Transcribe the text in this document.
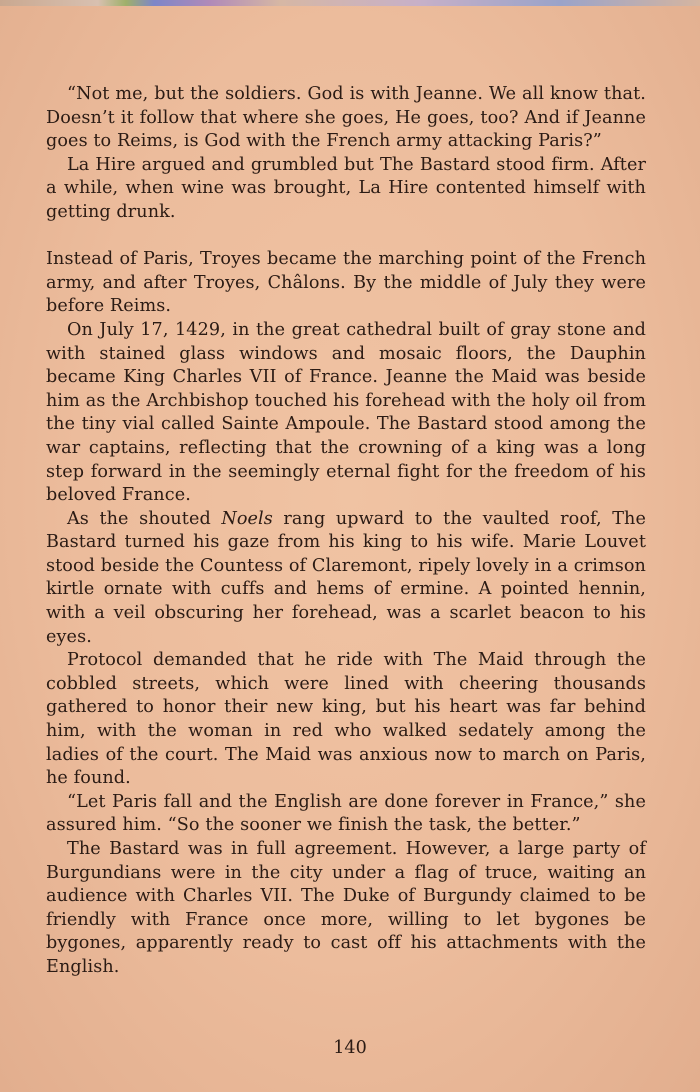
“Not me, but the soldiers. God is with Jeanne. We all know that. Doesn’t it follow that where she goes, He goes, too? And if Jeanne goes to Reims, is God with the French army attacking Paris?”

La Hire argued and grumbled but The Bastard stood firm. After a while, when wine was brought, La Hire contented himself with getting drunk.

Instead of Paris, Troyes became the marching point of the French army, and after Troyes, Châlons. By the middle of July they were before Reims.

On July 17, 1429, in the great cathedral built of gray stone and with stained glass windows and mosaic floors, the Dauphin became King Charles VII of France. Jeanne the Maid was beside him as the Archbishop touched his forehead with the holy oil from the tiny vial called Sainte Ampoule. The Bastard stood among the war captains, reflecting that the crowning of a king was a long step forward in the seemingly eternal fight for the freedom of his beloved France.

As the shouted Noels rang upward to the vaulted roof, The Bastard turned his gaze from his king to his wife. Marie Louvet stood beside the Countess of Claremont, ripely lovely in a crimson kirtle ornate with cuffs and hems of ermine. A pointed hennin, with a veil obscuring her forehead, was a scarlet beacon to his eyes.

Protocol demanded that he ride with The Maid through the cobbled streets, which were lined with cheering thousands gathered to honor their new king, but his heart was far behind him, with the woman in red who walked sedately among the ladies of the court. The Maid was anxious now to march on Paris, he found.

“Let Paris fall and the English are done forever in France,” she assured him. “So the sooner we finish the task, the better.”

The Bastard was in full agreement. However, a large party of Burgundians were in the city under a flag of truce, waiting an audience with Charles VII. The Duke of Burgundy claimed to be friendly with France once more, willing to let bygones be bygones, apparently ready to cast off his attachments with the English.

140
